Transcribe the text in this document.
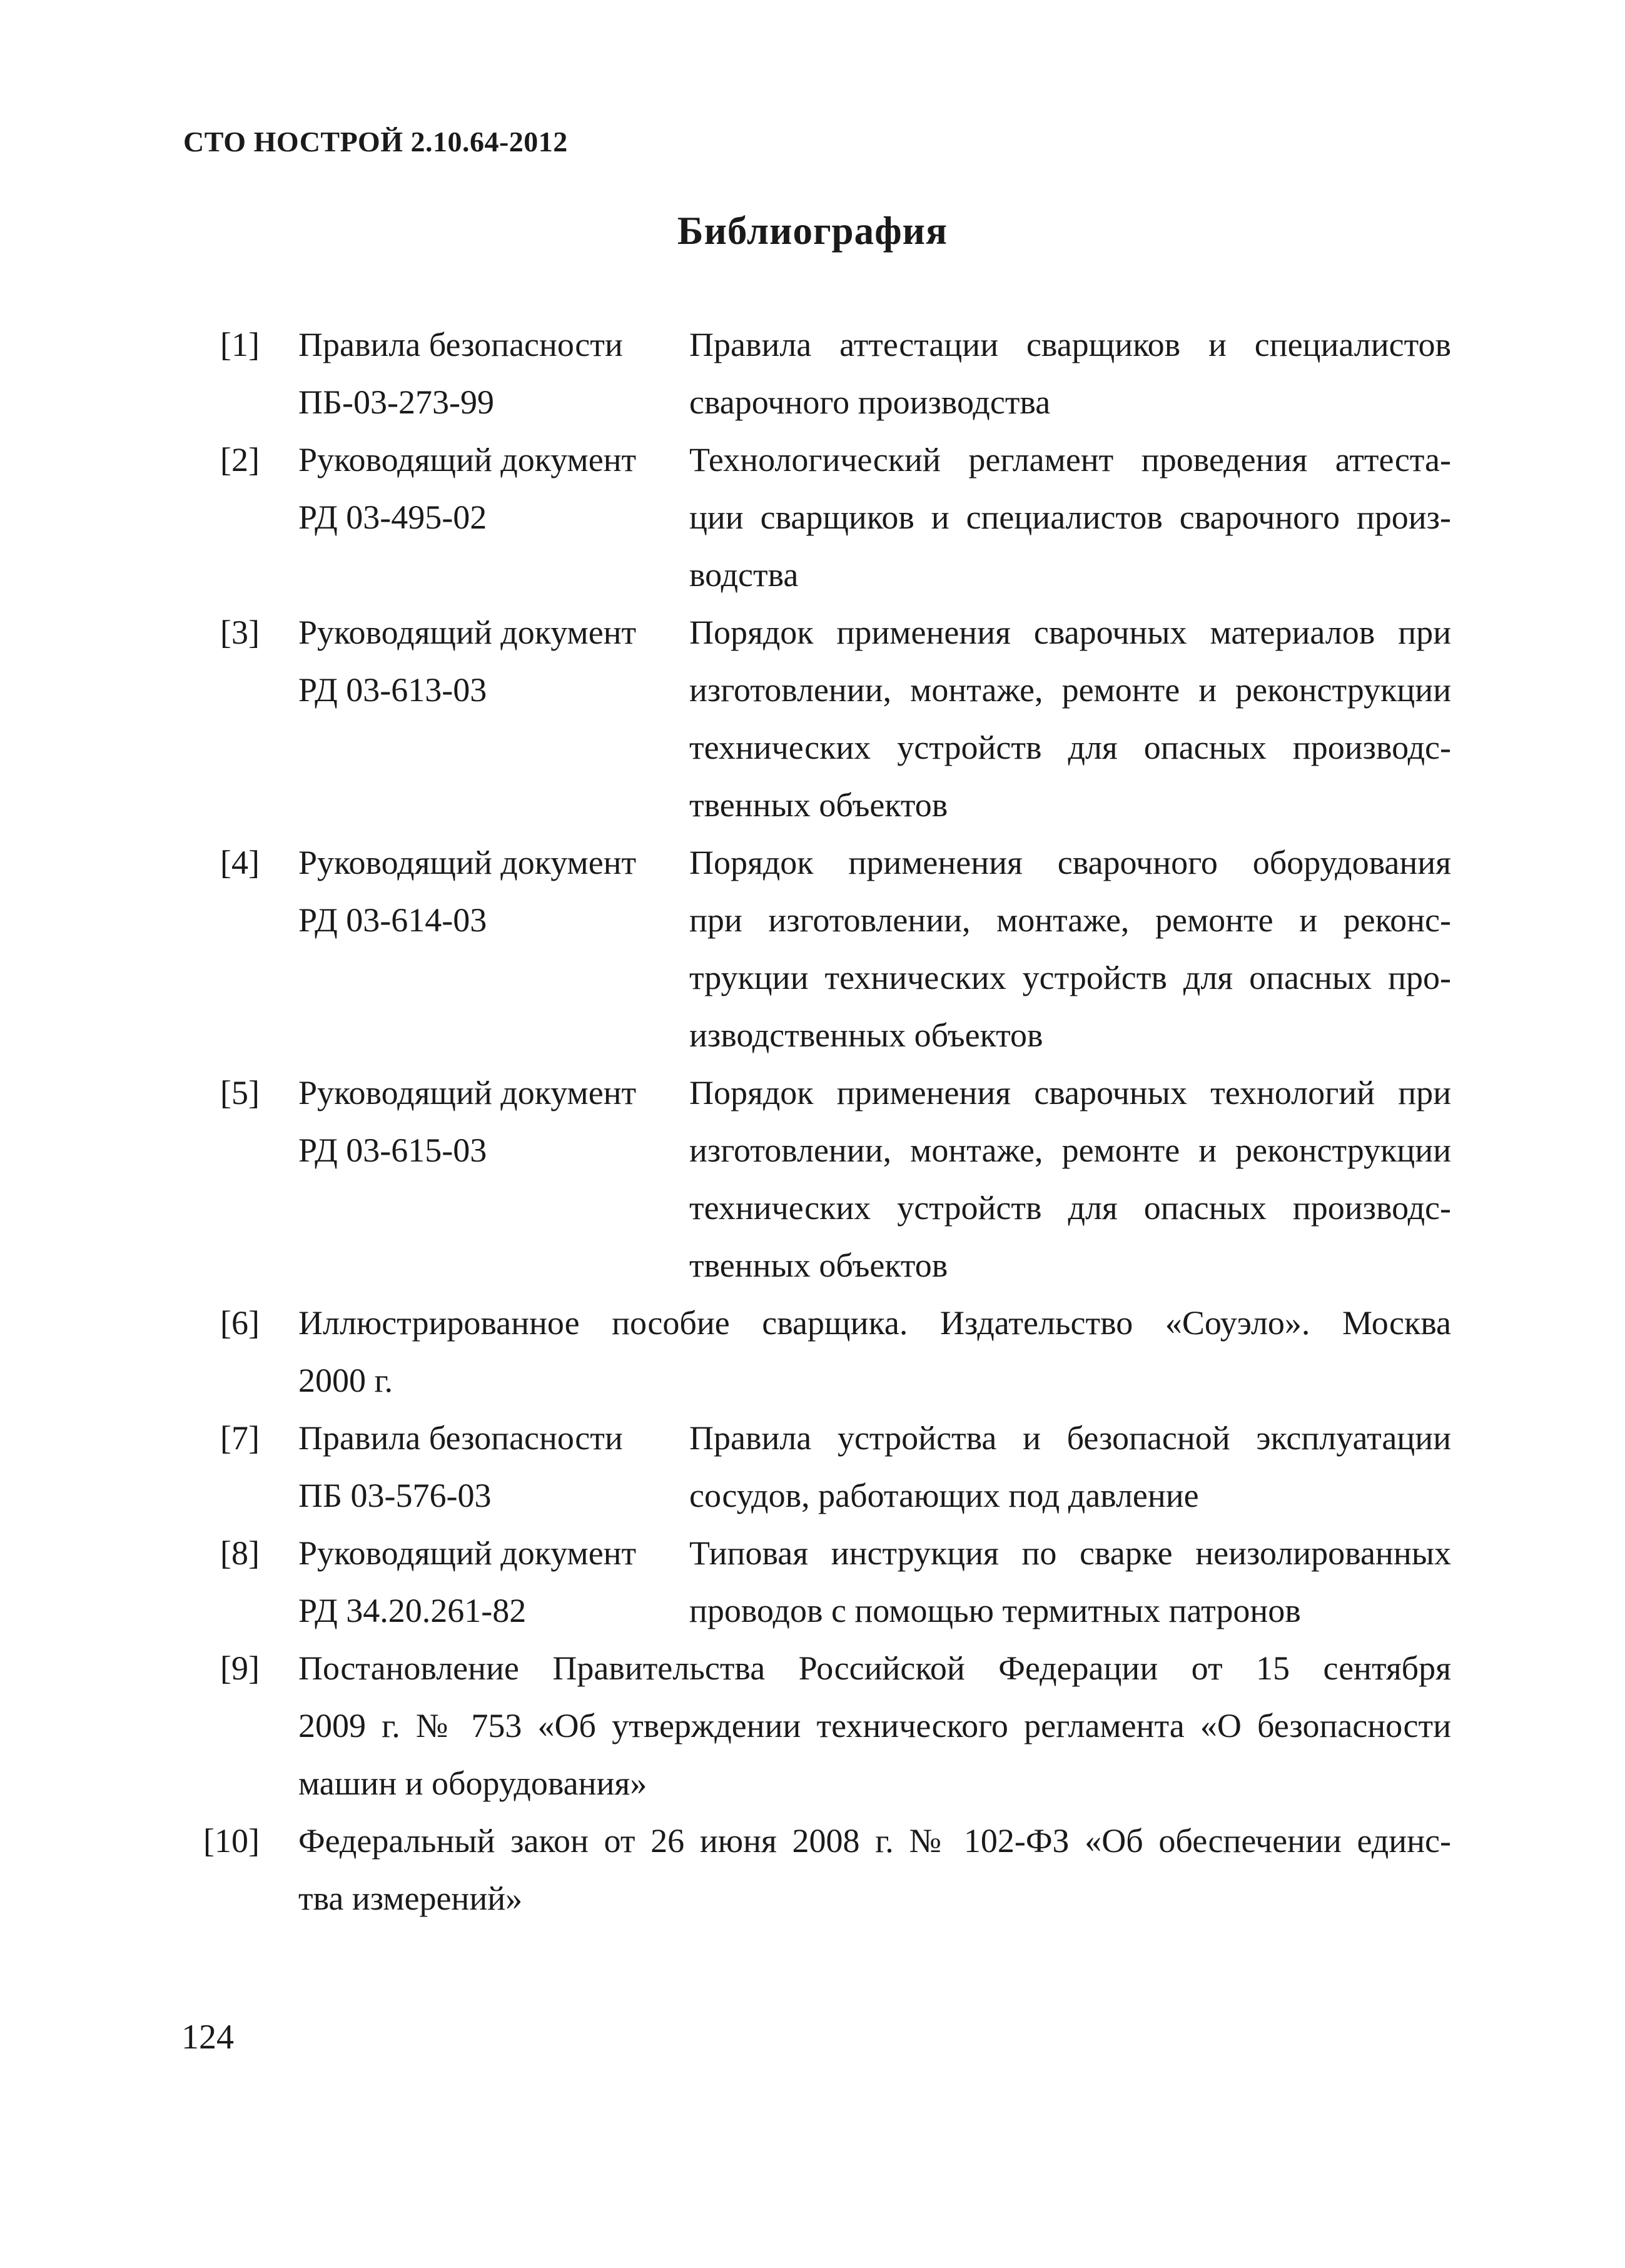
СТО НОСТРОЙ 2.10.64-2012
Библиография
[1] Правила безопасности
ПБ-03-273-99
Правила аттестации сварщиков и специалистов
сварочного производства
[2] Руководящий документ
РД 03-495-02
Технологический регламент проведения аттеста-
ции сварщиков и специалистов сварочного произ-
водства
[3] Руководящий документ
РД 03-613-03
Порядок применения сварочных материалов при
изготовлении, монтаже, ремонте и реконструкции
технических устройств для опасных производс-
твенных объектов
[4] Руководящий документ
РД 03-614-03
Порядок применения сварочного оборудования
при изготовлении, монтаже, ремонте и реконс-
трукции технических устройств для опасных про-
изводственных объектов
[5] Руководящий документ
РД 03-615-03
Порядок применения сварочных технологий при
изготовлении, монтаже, ремонте и реконструкции
технических устройств для опасных производс-
твенных объектов
[6] Иллюстрированное пособие сварщика. Издательство «Соуэло». Москва
2000 г.
[7] Правила безопасности
ПБ 03-576-03
Правила устройства и безопасной эксплуатации
сосудов, работающих под давление
[8] Руководящий документ
РД 34.20.261-82
Типовая инструкция по сварке неизолированных
проводов с помощью термитных патронов
[9] Постановление Правительства Российской Федерации от 15 сентября
2009 г. № 753 «Об утверждении технического регламента «О безопасности
машин и оборудования»
[10] Федеральный закон от 26 июня 2008 г. № 102-ФЗ «Об обеспечении единс-
тва измерений»
124
